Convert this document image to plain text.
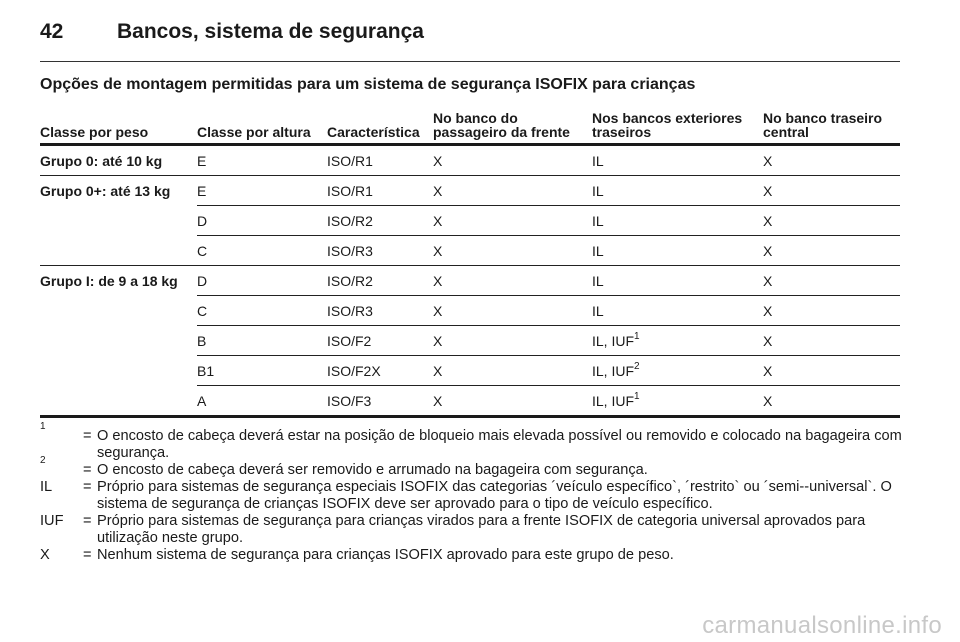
42	Bancos, sistema de segurança
Opções de montagem permitidas para um sistema de segurança ISOFIX para crianças
Classe por peso	Classe por altura	Característica	No banco do passageiro da frente	Nos bancos exteriores traseiros	No banco traseiro central
Grupo 0: até 10 kg	E	ISO/R1	X	IL	X
Grupo 0+: até 13 kg	E	ISO/R1	X	IL	X
	D	ISO/R2	X	IL	X
	C	ISO/R3	X	IL	X
Grupo I: de 9 a 18 kg	D	ISO/R2	X	IL	X
	C	ISO/R3	X	IL	X
	B	ISO/F2	X	IL, IUF$^1$	X
	B1	ISO/F2X	X	IL, IUF$^2$	X
	A	ISO/F3	X	IL, IUF$^1$	X
$^1$
= O encosto de cabeça deverá estar na posição de bloqueio mais elevada possível ou removido e colocado na bagageira com segurança.
$^2$
= O encosto de cabeça deverá ser removido e arrumado na bagageira com segurança.
IL	= Próprio para sistemas de segurança especiais ISOFIX das categorias ´veículo específico`, ´restrito` ou ´semi--universal`. O sistema de segurança de crianças ISOFIX deve ser aprovado para o tipo de veículo específico.
IUF	= Próprio para sistemas de segurança para crianças virados para a frente ISOFIX de categoria universal aprovados para utilização neste grupo.
X	= Nenhum sistema de segurança para crianças ISOFIX aprovado para este grupo de peso.
carmanualsonline.info
